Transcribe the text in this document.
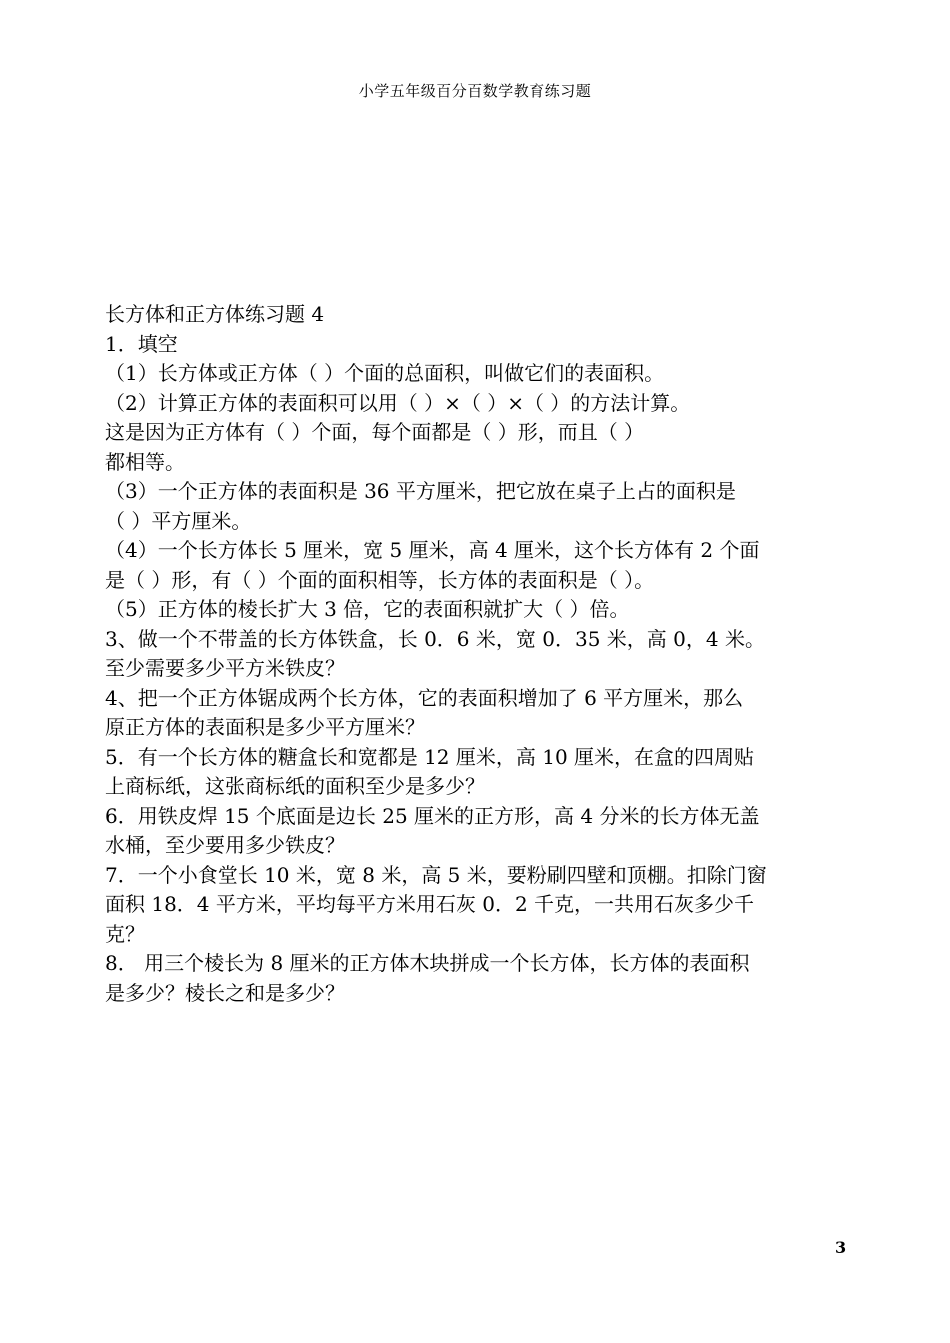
小学五年级百分百数学教育练习题
长方体和正方体练习题 4
1．填空
（1）长方体或正方体（ ）个面的总面积，叫做它们的表面积。
（2）计算正方体的表面积可以用（ ）×（ ）×（ ）的方法计算。
这是因为正方体有（ ）个面，每个面都是（ ）形，而且（ ）
都相等。
（3）一个正方体的表面积是 36 平方厘米，把它放在桌子上占的面积是
（ ）平方厘米。
（4）一个长方体长 5 厘米，宽 5 厘米，高 4 厘米，这个长方体有 2 个面
是（ ）形，有（ ）个面的面积相等，长方体的表面积是（ ）。
（5）正方体的棱长扩大 3 倍，它的表面积就扩大（ ）倍。
3、做一个不带盖的长方体铁盒，长 0．6 米，宽 0．35 米，高 0，4 米。
至少需要多少平方米铁皮？
4、把一个正方体锯成两个长方体，它的表面积增加了 6 平方厘米，那么
原正方体的表面积是多少平方厘米？
5．有一个长方体的糖盒长和宽都是 12 厘米，高 10 厘米，在盒的四周贴
上商标纸，这张商标纸的面积至少是多少？
6．用铁皮焊 15 个底面是边长 25 厘米的正方形，高 4 分米的长方体无盖
水桶，至少要用多少铁皮？
7．一个小食堂长 10 米，宽 8 米，高 5 米，要粉刷四壁和顶棚。扣除门窗
面积 18．4 平方米，平均每平方米用石灰 0．2 千克，一共用石灰多少千
克？
8． 用三个棱长为 8 厘米的正方体木块拼成一个长方体，长方体的表面积
是多少？棱长之和是多少？
3
